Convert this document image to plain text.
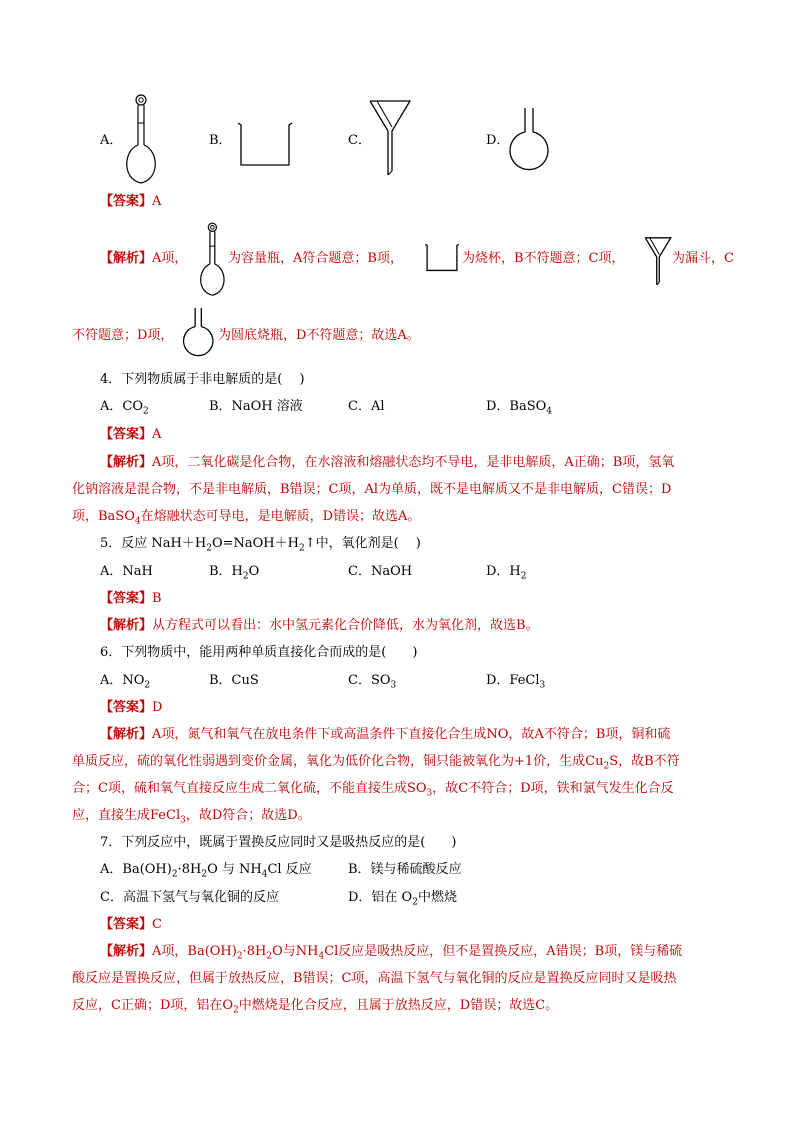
A．	B．	C．	D．
【答案】A
【解析】A项，	为容量瓶，A符合题意；B项，	为烧杯，B不符题意；C项，	为漏斗，C
不符题意；D项，	为圆底烧瓶，D不符题意；故选A。
4．下列物质属于非电解质的是(　 )
A．$CO_2$	B．NaOH 溶液	C．Al	D．BaSO$_4$
【答案】A
【解析】A项，二氧化碳是化合物，在水溶液和熔融状态均不导电，是非电解质，A正确；B项，氢氧
化钠溶液是混合物，不是非电解质，B错误；C项，Al为单质，既不是电解质又不是非电解质，C错误；D
项，BaSO$_4$在熔融状态可导电，是电解质，D错误；故选A。
5．反应 $NaH+H_2O=NaOH+H_2↑$中，氧化剂是(　 )
A．NaH	B．$H_2O$	C．NaOH	D．$H_2$
【答案】B
【解析】从方程式可以看出：水中氢元素化合价降低，水为氧化剂，故选B。
6．下列物质中，能用两种单质直接化合而成的是(　　)
A．$NO_2$	B．CuS	C．$SO_3$	D．FeCl$_3$
【答案】D
【解析】A项，氮气和氧气在放电条件下或高温条件下直接化合生成NO，故A不符合；B项，铜和硫
单质反应，硫的氧化性弱遇到变价金属，氧化为低价化合物，铜只能被氧化为+1价，生成$Cu_2S$，故B不符
合；C项，硫和氧气直接反应生成二氧化硫，不能直接生成$SO_3$，故C不符合；D项，铁和氯气发生化合反
应，直接生成FeCl$_3$，故D符合；故选D。
7．下列反应中，既属于置换反应同时又是吸热反应的是(　　)
A．$Ba(OH)_2\cdot 8H_2O$ 与 $NH_4Cl$ 反应	B．镁与稀硫酸反应
C．高温下氢气与氧化铜的反应	D．铝在 $O_2$中燃烧
【答案】C
【解析】A项，$Ba(OH)_2\cdot 8H_2O$与$NH_4Cl$反应是吸热反应，但不是置换反应，A错误；B项，镁与稀硫
酸反应是置换反应，但属于放热反应，B错误；C项，高温下氢气与氧化铜的反应是置换反应同时又是吸热
反应，C正确；D项，铝在$O_2$中燃烧是化合反应，且属于放热反应，D错误；故选C。
